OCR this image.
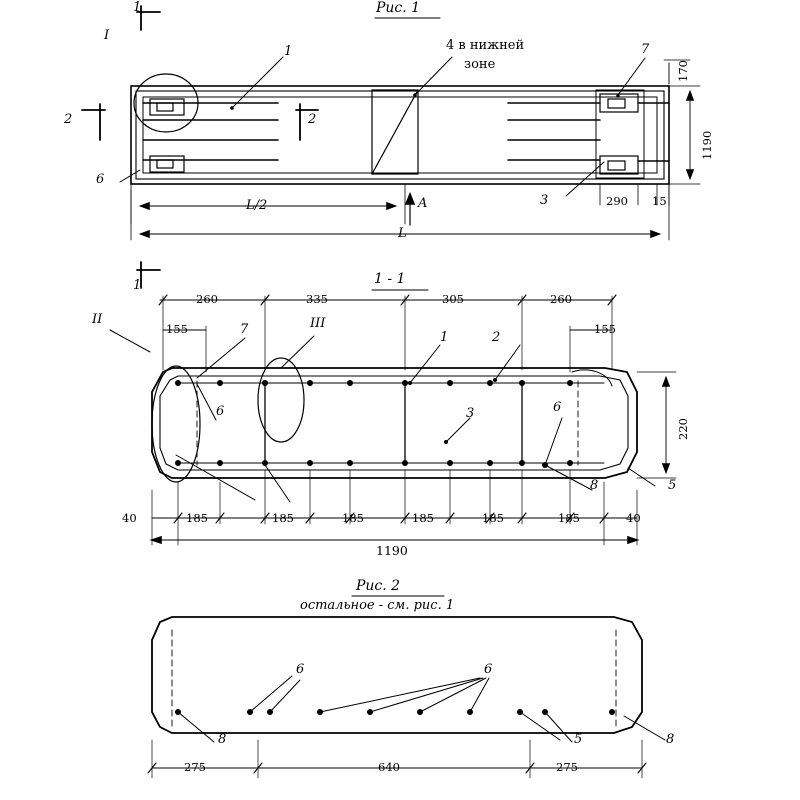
Рис. 1
1 - 1
Рис. 2
остальное - см. рис. 1
I
1
1
2	2
1	7
6
3
4 в нижней
зоне
A
L/2
L
1190
170
290 15
260	335	305	260
155	155
II	III
7
1	2
6	6
3
8	5
40	185	185	185	185	185	185	40
1190
220
6	6
8	8
5
275	640	275
